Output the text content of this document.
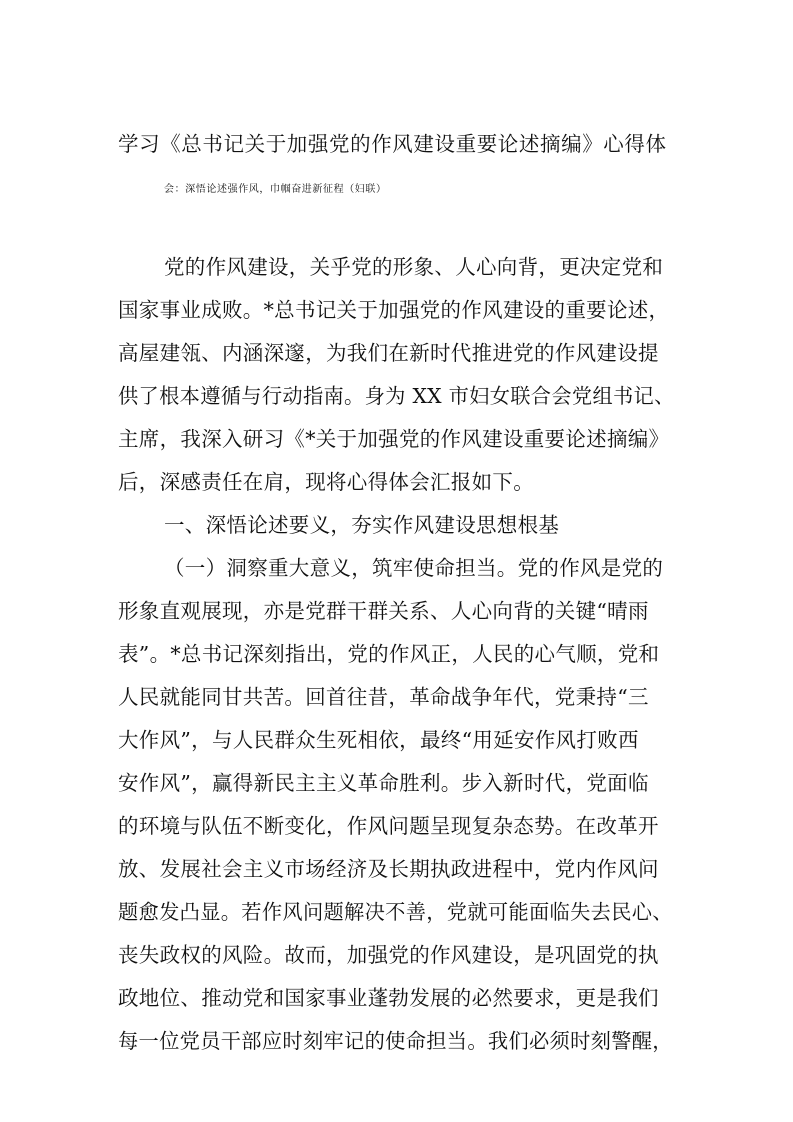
学习《总书记关于加强党的作风建设重要论述摘编》心得体
会：深悟论述强作风，巾帼奋进新征程（妇联）
党的作风建设，关乎党的形象、人心向背，更决定党和
国家事业成败。*总书记关于加强党的作风建设的重要论述，
高屋建瓴、内涵深邃，为我们在新时代推进党的作风建设提
供了根本遵循与行动指南。身为 XX 市妇女联合会党组书记、
主席，我深入研习《*关于加强党的作风建设重要论述摘编》
后，深感责任在肩，现将心得体会汇报如下。
一、深悟论述要义，夯实作风建设思想根基
（一）洞察重大意义，筑牢使命担当。党的作风是党的
形象直观展现，亦是党群干群关系、人心向背的关键“晴雨
表”。*总书记深刻指出，党的作风正，人民的心气顺，党和
人民就能同甘共苦。回首往昔，革命战争年代，党秉持“三
大作风”，与人民群众生死相依，最终“用延安作风打败西
安作风”，赢得新民主主义革命胜利。步入新时代，党面临
的环境与队伍不断变化，作风问题呈现复杂态势。在改革开
放、发展社会主义市场经济及长期执政进程中，党内作风问
题愈发凸显。若作风问题解决不善，党就可能面临失去民心、
丧失政权的风险。故而，加强党的作风建设，是巩固党的执
政地位、推动党和国家事业蓬勃发展的必然要求，更是我们
每一位党员干部应时刻牢记的使命担当。我们必须时刻警醒，
